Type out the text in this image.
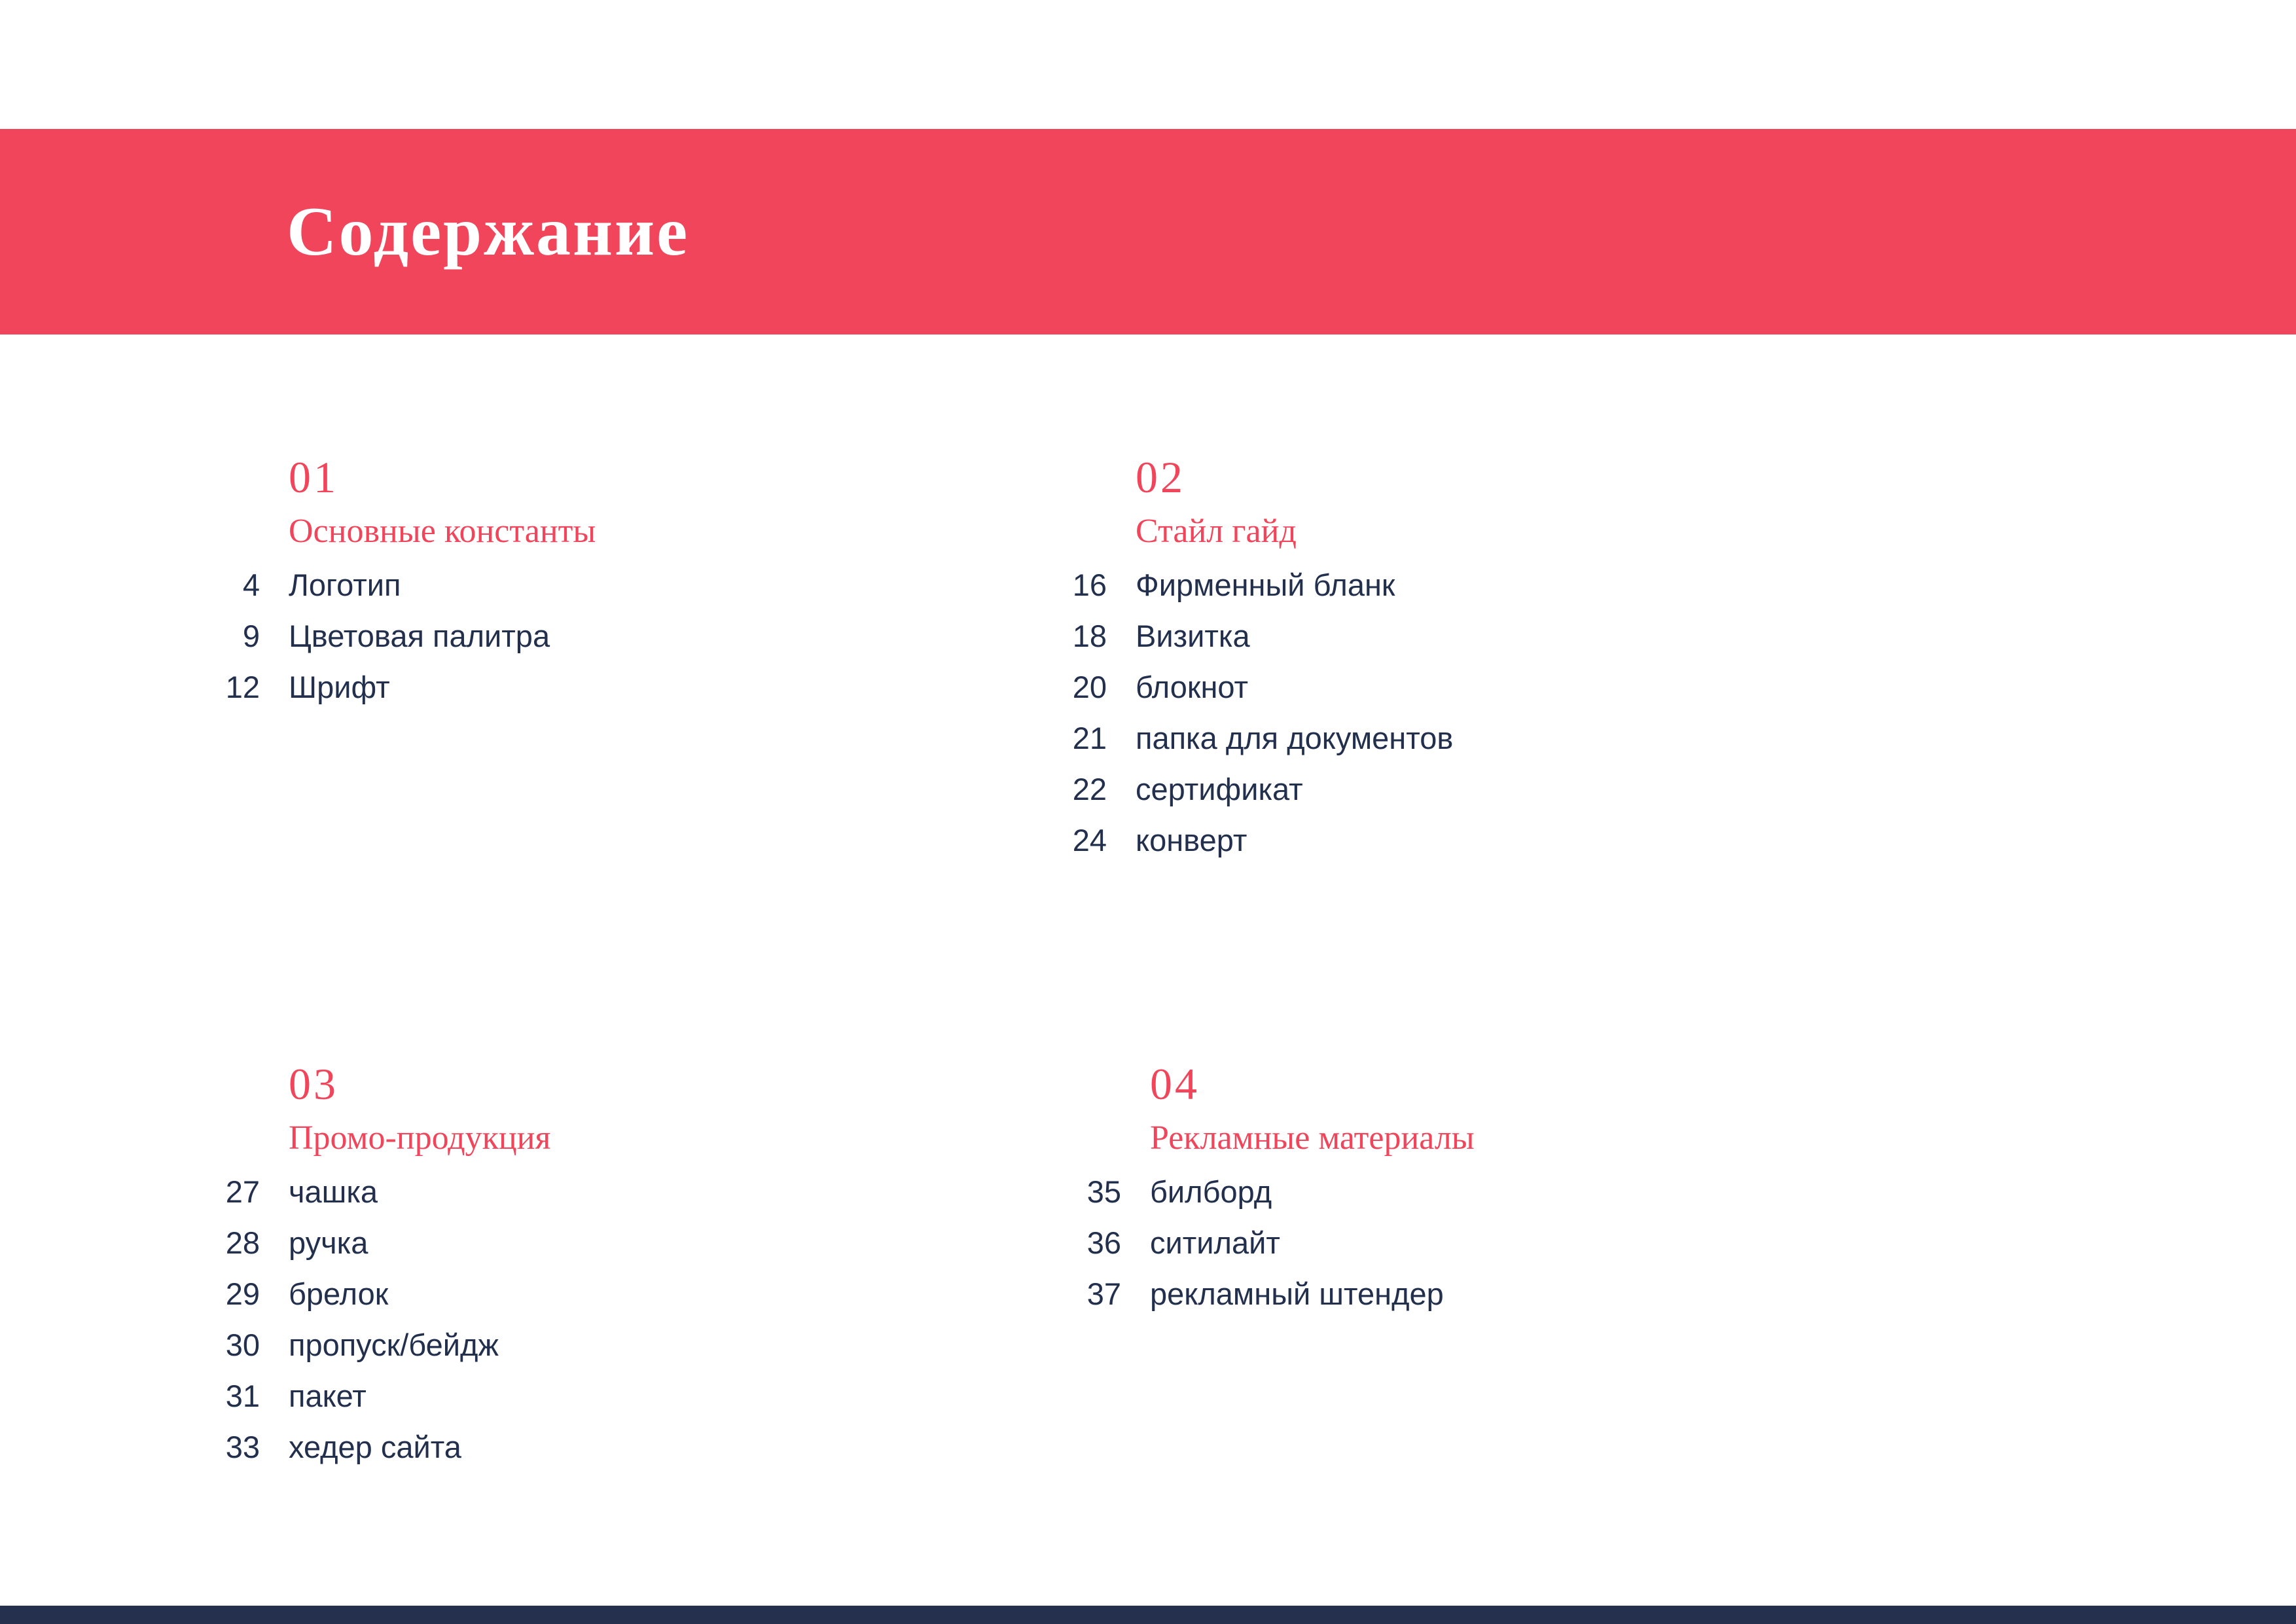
Содержание
01
Основные константы
4 Логотип
9 Цветовая палитра
12 Шрифт
02
Стайл гайд
16 Фирменный бланк
18 Визитка
20 блокнот
21 папка для документов
22 сертификат
24 конверт
03
Промо-продукция
27 чашка
28 ручка
29 брелок
30 пропуск/бейдж
31 пакет
33 хедер сайта
04
Рекламные материалы
35 билборд
36 ситилайт
37 рекламный штендер
